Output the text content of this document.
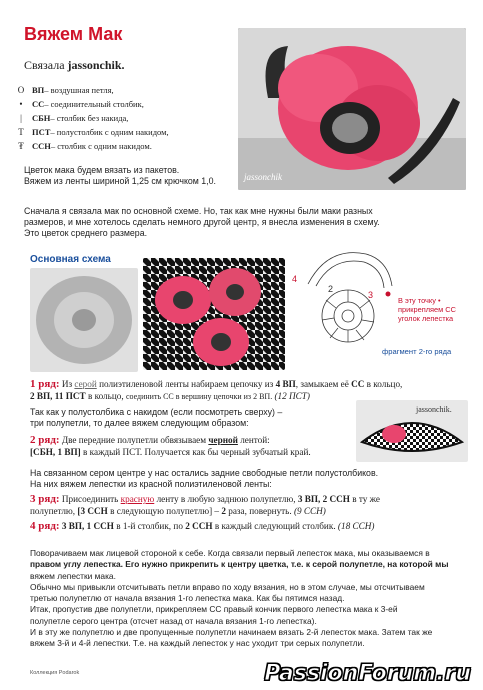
Вяжем Мак
Связала jassonchik.
O ВП – воздушная петля,
•	СС – соединительный столбик,
|	СБН – столбик без накида,
T ПСТ – полустолбик с одним накидом,
₮ ССН – столбик с одним накидом.
jassonchik
Цветок мака будем вязать из пакетов.
Вяжем из ленты шириной 1,25 см крючком 1,0.
Сначала я связала мак по основной схеме. Но, так как мне нужны были маки разных
размеров, и мне хотелось сделать немного другой центр, я внесла изменения в схему.
Это цветок среднего размера.
Основная схема
4
3
2
В эту точку • прикрепляем СС уголок лепестка
фрагмент 2-го ряда
1 ряд: Из серой полиэтиленовой ленты набираем цепочку из 4 ВП, замыкаем её СС в кольцо,
2 ВП, 11 ПСТ в кольцо, соединить СС в вершину цепочки из 2 ВП. (12 ПСТ)
Так как у полустолбика с накидом (если посмотреть сверху) –
три полупетли, то далее вяжем следующим образом:
jassonchik.
2 ряд: Две передние полупетли обвязываем черной лентой:
[СБН, 1 ВП] в каждый ПСТ. Получается как бы черный зубчатый край.
На связанном сером центре у нас остались задние свободные петли полустолбиков.
На них вяжем лепестки из красной полиэтиленовой ленты:
3 ряд: Присоединить красную ленту в любую заднюю полупетлю, 3 ВП, 2 ССН в ту же
полупетлю, [3 ССН в следующую полупетлю] – 2 раза, повернуть. (9 ССН)
4 ряд: 3 ВП, 1 ССН в 1-й столбик, по 2 ССН в каждый следующий столбик. (18 ССН)
Поворачиваем мак лицевой стороной к себе. Когда связали первый лепесток мака, мы оказываемся в
правом углу лепестка. Его нужно прикрепить к центру цветка, т.е. к серой полупетле, на которой мы
вяжем лепестки мака.
Обычно мы привыкли отсчитывать петли вправо по ходу вязания, но в этом случае, мы отсчитываем
третью полупетлю от начала вязания 1-го лепестка мака. Как бы пятимся назад.
Итак, пропустив две полупетли, прикрепляем СС правый кончик первого лепестка мака к 3-ей
полупетле серого центра (отсчет назад от начала вязания 1-го лепестка).
И в эту же полупетлю и две пропущенные полупетли начинаем вязать 2-й лепесток мака. Затем так же
вяжем 3-й и 4-й лепестки. Т.е. на каждый лепесток у нас уходит три серых полупетли.
Коллекция Podarok	PassionForum.ru
